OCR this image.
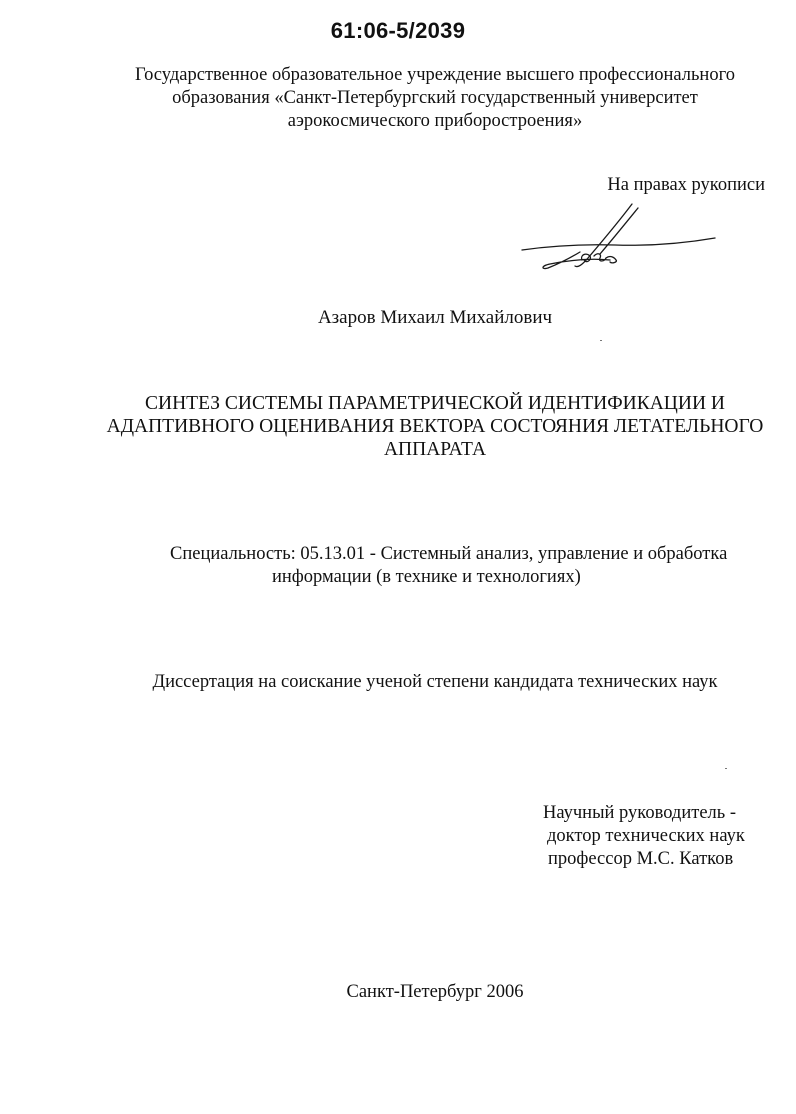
61:06-5/2039
Государственное образовательное учреждение высшего профессионального
образования «Санкт-Петербургский государственный университет
аэрокосмического приборостроения»
На правах рукописи
Азаров Михаил Михайлович
СИНТЕЗ СИСТЕМЫ ПАРАМЕТРИЧЕСКОЙ ИДЕНТИФИКАЦИИ И
АДАПТИВНОГО ОЦЕНИВАНИЯ ВЕКТОРА СОСТОЯНИЯ ЛЕТАТЕЛЬНОГО
АППАРАТА
Специальность: 05.13.01 - Системный анализ, управление и обработка
информации (в технике и технологиях)
Диссертация на соискание ученой степени кандидата технических наук
Научный руководитель -
доктор технических наук
профессор М.С. Катков
Санкт-Петербург 2006
